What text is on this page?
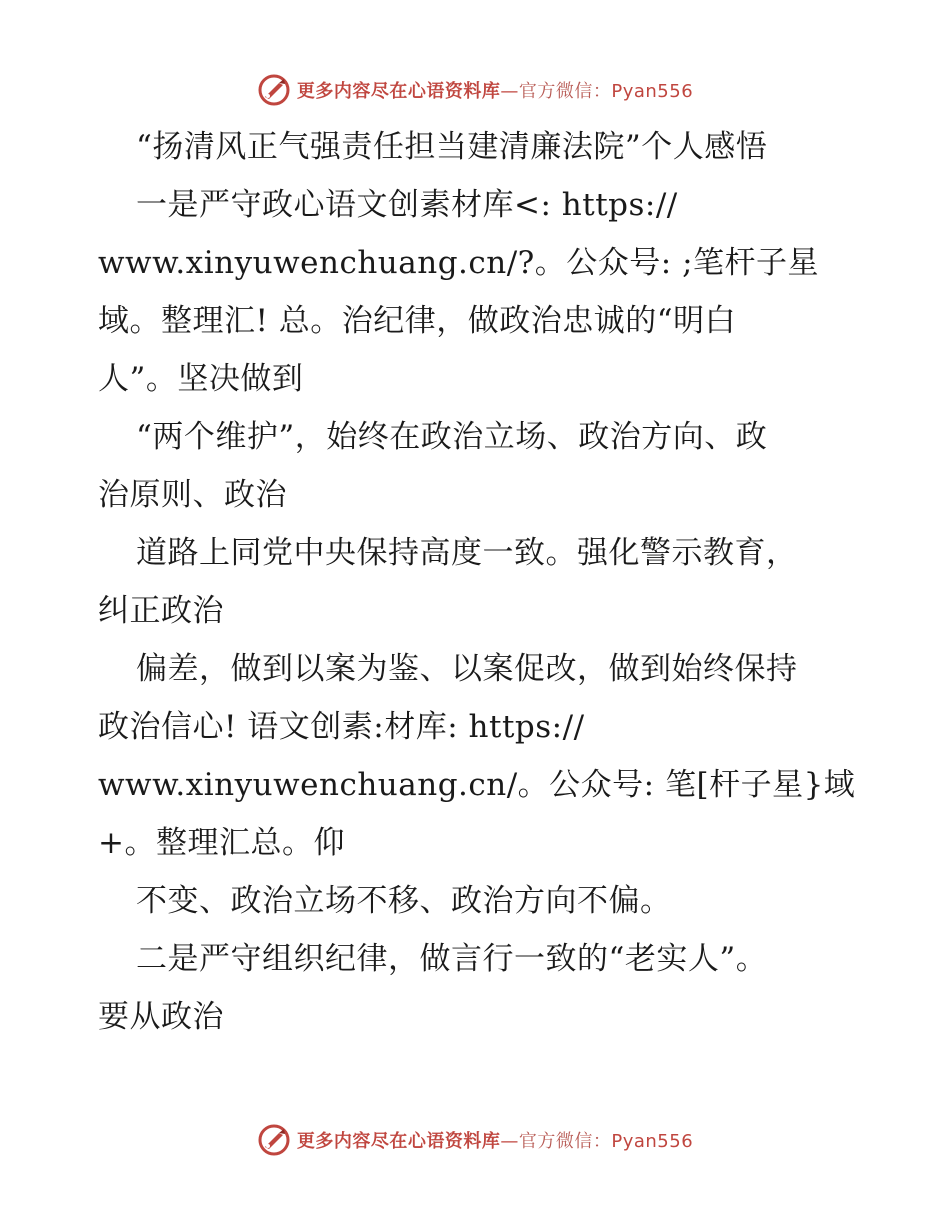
更多内容尽在心语资料库—官方微信：Pyan556
“扬清风正气强责任担当建清廉法院”个人感悟
一是严守政心语文创素材库<: https://
www.xinyuwenchuang.cn/?。公众号: ;笔杆子星
域。整理汇! 总。治纪律，做政治忠诚的“明白
人”。坚决做到
“两个维护”，始终在政治立场、政治方向、政
治原则、政治
道路上同党中央保持高度一致。强化警示教育，
纠正政治
偏差，做到以案为鉴、以案促改，做到始终保持
政治信心! 语文创素:材库: https://
www.xinyuwenchuang.cn/。公众号: 笔[杆子星}域
+。整理汇总。仰
不变、政治立场不移、政治方向不偏。
二是严守组织纪律，做言行一致的“老实人”。
要从政治
更多内容尽在心语资料库—官方微信：Pyan556
